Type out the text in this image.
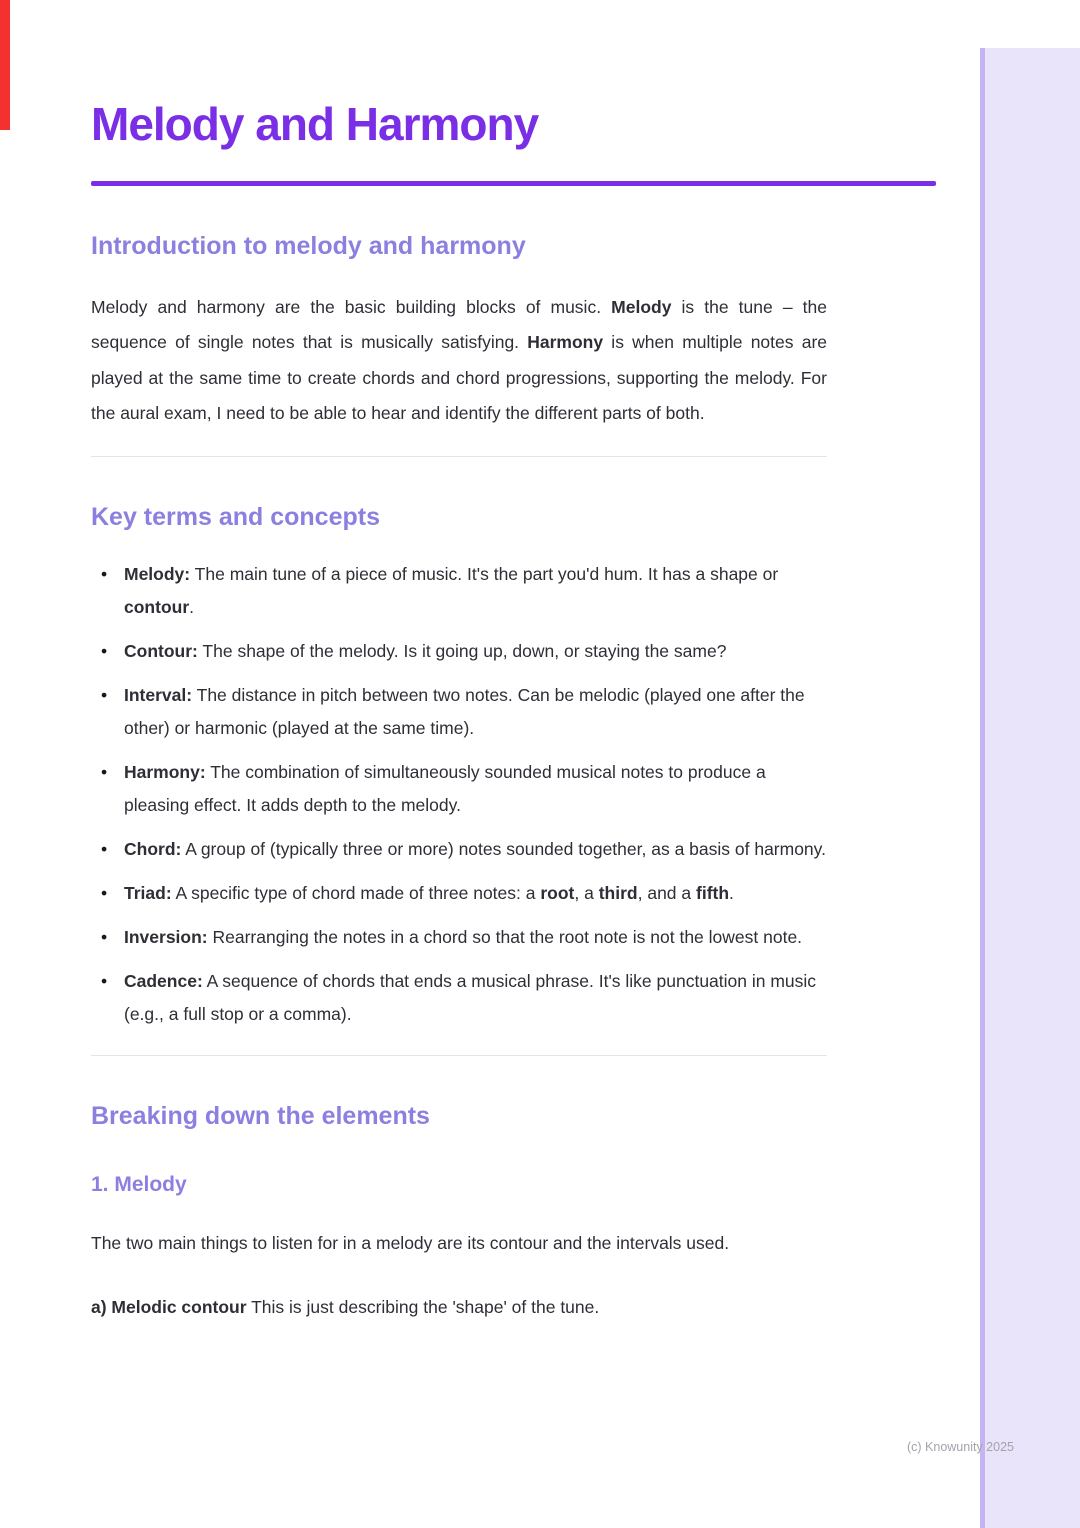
Melody and Harmony
Introduction to melody and harmony

Melody and harmony are the basic building blocks of music. Melody is the tune – the sequence of single notes that is musically satisfying. Harmony is when multiple notes are played at the same time to create chords and chord progressions, supporting the melody. For the aural exam, I need to be able to hear and identify the different parts of both.

Key terms and concepts
• Melody: The main tune of a piece of music. It's the part you'd hum. It has a shape or contour.
• Contour: The shape of the melody. Is it going up, down, or staying the same?
• Interval: The distance in pitch between two notes. Can be melodic (played one after the other) or harmonic (played at the same time).
• Harmony: The combination of simultaneously sounded musical notes to produce a pleasing effect. It adds depth to the melody.
• Chord: A group of (typically three or more) notes sounded together, as a basis of harmony.
• Triad: A specific type of chord made of three notes: a root, a third, and a fifth.
• Inversion: Rearranging the notes in a chord so that the root note is not the lowest note.
• Cadence: A sequence of chords that ends a musical phrase. It's like punctuation in music (e.g., a full stop or a comma).
Breaking down the elements
1. Melody

The two main things to listen for in a melody are its contour and the intervals used.

a) Melodic contour This is just describing the 'shape' of the tune.

(c) Knowunity 2025
